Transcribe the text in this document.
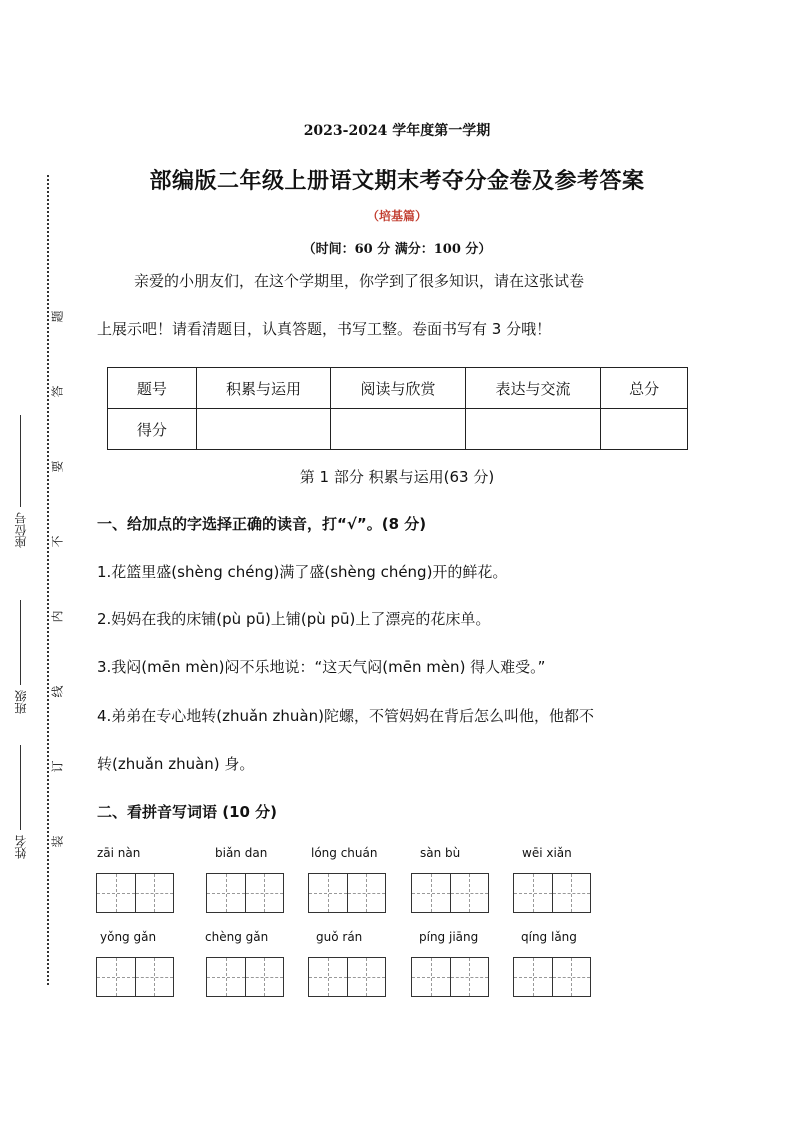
座位号
班级
姓名
题
答
要
不
内
线
订
装
2023-2024 学年度第一学期
部编版二年级上册语文期末考夺分金卷及参考答案
（培基篇）
（时间：60 分 满分：100 分）
亲爱的小朋友们，在这个学期里，你学到了很多知识，请在这张试卷
上展示吧！请看清题目，认真答题，书写工整。卷面书写有 3 分哦！
题号	积累与运用	阅读与欣赏	表达与交流	总分
得分				
第 1 部分 积累与运用(63 分)
一、给加点的字选择正确的读音，打“√”。(8 分)
1.花篮里盛(shèng chéng)满了盛(shèng chéng)开的鲜花。
2.妈妈在我的床铺(pù pū)上铺(pù pū)上了漂亮的花床单。
3.我闷(mēn mèn)闷不乐地说：“这天气闷(mēn mèn) 得人难受。”
4.弟弟在专心地转(zhuǎn zhuàn)陀螺，不管妈妈在背后怎么叫他，他都不
转(zhuǎn zhuàn) 身。
二、看拼音写词语 (10 分)
zāi nàn	biǎn dan	lóng chuán	sàn bù	wēi xiǎn
yǒng gǎn	chèng gǎn	guǒ rán	píng jiāng	qíng lǎng
